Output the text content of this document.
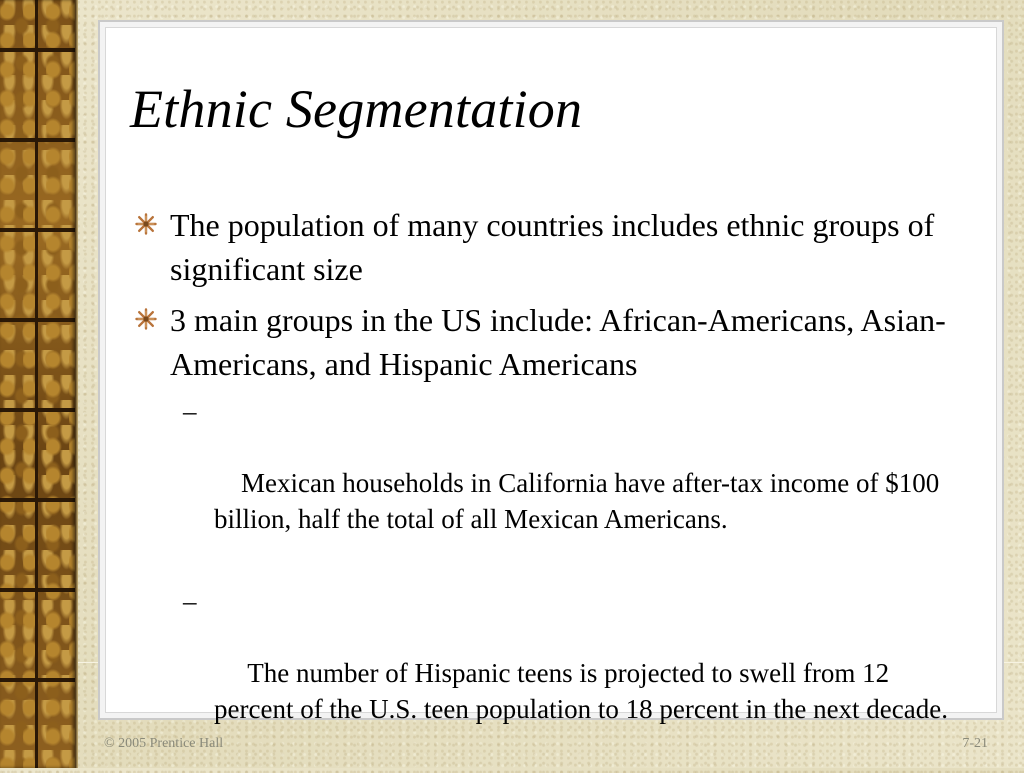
Ethnic Segmentation
The population of many countries includes ethnic groups of significant size
3 main groups in the US include: African-Americans, Asian-Americans, and Hispanic Americans

–

Mexican households in California have after-tax income of $100 billion, half the total of all Mexican Americans.

–

The number of Hispanic teens is projected to swell from 12 percent of the U.S. teen population to 18 percent in the next decade.

© 2005 Prentice Hall	7-21
